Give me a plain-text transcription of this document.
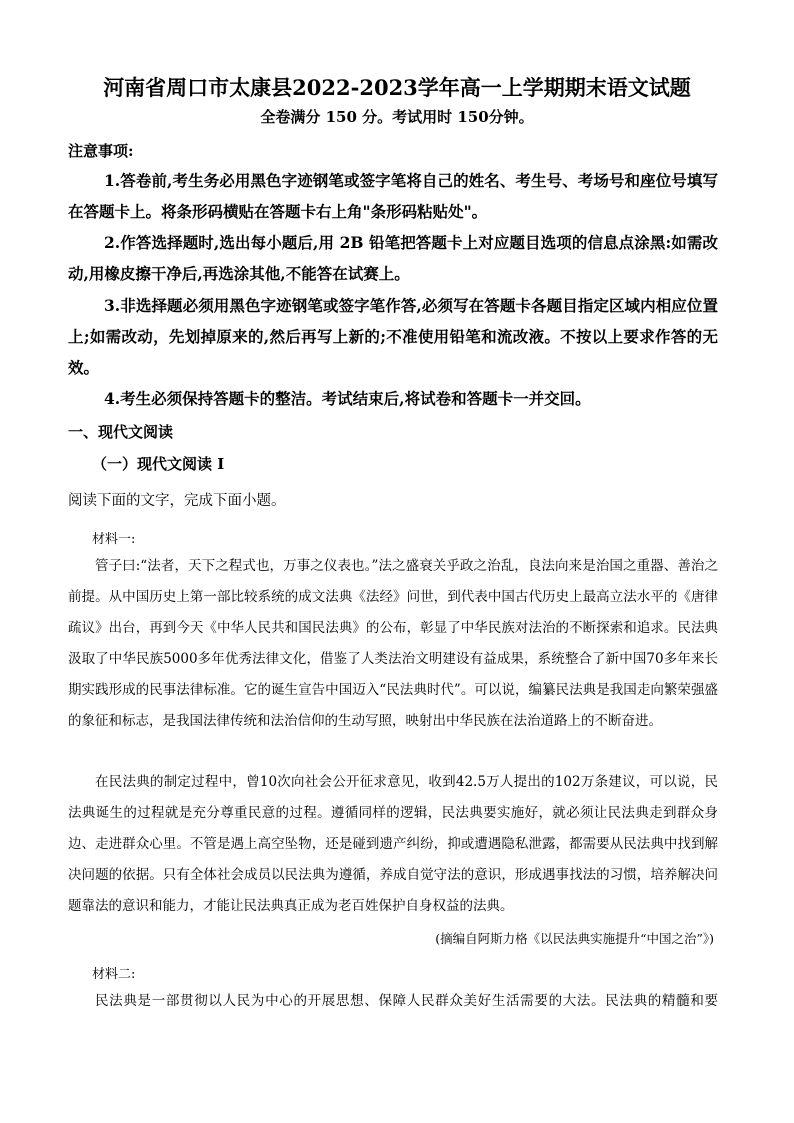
河南省周口市太康县2022-2023学年高一上学期期末语文试题
全卷满分 150 分。考试用时 150分钟。
注意事项:
1.答卷前,考生务必用黑色字迹钢笔或签字笔将自己的姓名、考生号、考场号和座位号填写在答题卡上。将条形码横贴在答题卡右上角"条形码粘贴处"。
2.作答选择题时,选出每小题后,用 2B 铅笔把答题卡上对应题目选项的信息点涂黑:如需改动,用橡皮擦干净后,再选涂其他,不能答在试赛上。
3.非选择题必须用黑色字迹钢笔或签字笔作答,必须写在答题卡各题目指定区域内相应位置上;如需改动，先划掉原来的,然后再写上新的;不准使用铅笔和流改液。不按以上要求作答的无效。
4.考生必须保持答题卡的整洁。考试结束后,将试卷和答题卡一并交回。
一、现代文阅读
（一）现代文阅读 I
阅读下面的文字，完成下面小题。
材料一:
管子曰:“法者，天下之程式也，万事之仪表也。”法之盛衰关乎政之治乱，良法向来是治国之重器、善治之前提。从中国历史上第一部比较系统的成文法典《法经》问世，到代表中国古代历史上最高立法水平的《唐律疏议》出台，再到今天《中华人民共和国民法典》的公布，彰显了中华民族对法治的不断探索和追求。民法典汲取了中华民族5000多年优秀法律文化，借鉴了人类法治文明建设有益成果，系统整合了新中国70多年来长期实践形成的民事法律标准。它的诞生宣告中国迈入“民法典时代”。可以说，编纂民法典是我国走向繁荣强盛的象征和标志，是我国法律传统和法治信仰的生动写照，映射出中华民族在法治道路上的不断奋进。
在民法典的制定过程中，曾10次向社会公开征求意见，收到42.5万人提出的102万条建议，可以说，民法典诞生的过程就是充分尊重民意的过程。遵循同样的逻辑，民法典要实施好，就必须让民法典走到群众身边、走进群众心里。不管是遇上高空坠物，还是碰到遗产纠纷，抑或遭遇隐私泄露，都需要从民法典中找到解决问题的依据。只有全体社会成员以民法典为遵循，养成自觉守法的意识，形成遇事找法的习惯，培养解决问题靠法的意识和能力，才能让民法典真正成为老百姓保护自身权益的法典。
(摘编自阿斯力格《以民法典实施提升“中国之治”》)
材料二:
民法典是一部贯彻以人民为中心的开展思想、保障人民群众美好生活需要的大法。民法典的精髓和要
